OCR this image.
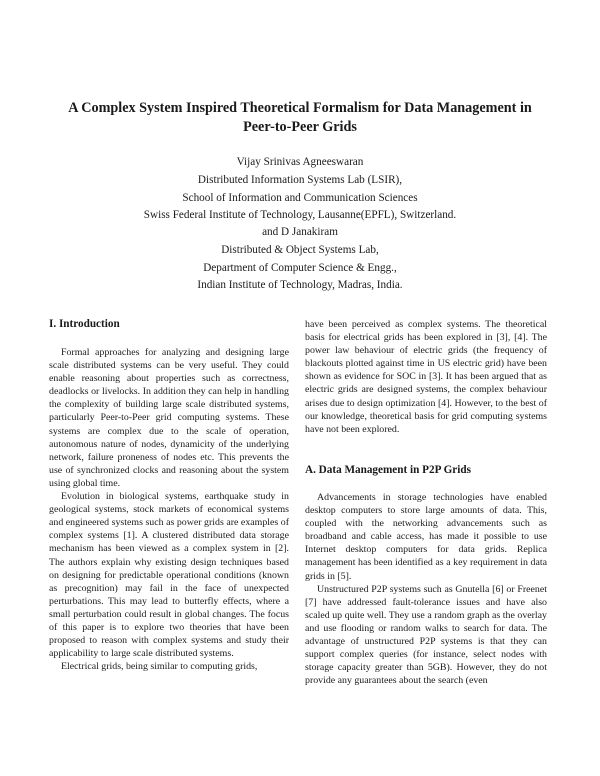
A Complex System Inspired Theoretical Formalism for Data Management in
Peer-to-Peer Grids
Vijay Srinivas Agneeswaran
Distributed Information Systems Lab (LSIR),
School of Information and Communication Sciences
Swiss Federal Institute of Technology, Lausanne(EPFL), Switzerland.
and D Janakiram
Distributed & Object Systems Lab,
Department of Computer Science & Engg.,
Indian Institute of Technology, Madras, India.
I. Introduction

Formal approaches for analyzing and designing large scale distributed systems can be very useful. They could enable reasoning about properties such as correctness, deadlocks or livelocks. In addition they can help in handling the complexity of building large scale distributed systems, particularly Peer-to-Peer grid computing systems. These systems are complex due to the scale of operation, autonomous nature of nodes, dynamicity of the underlying network, failure proneness of nodes etc. This prevents the use of synchronized clocks and reasoning about the system using global time.

Evolution in biological systems, earthquake study in geological systems, stock markets of economical systems and engineered systems such as power grids are examples of complex systems [1]. A clustered distributed data storage mechanism has been viewed as a complex system in [2]. The authors explain why existing design techniques based on designing for predictable operational conditions (known as precognition) may fail in the face of unexpected perturbations. This may lead to butterfly effects, where a small perturbation could result in global changes. The focus of this paper is to explore two theories that have been proposed to reason with complex systems and study their applicability to large scale distributed systems.

Electrical grids, being similar to computing grids,

have been perceived as complex systems. The theoretical basis for electrical grids has been explored in [3], [4]. The power law behaviour of electric grids (the frequency of blackouts plotted against time in US electric grid) have been shown as evidence for SOC in [3]. It has been argued that as electric grids are designed systems, the complex behaviour arises due to design optimization [4]. However, to the best of our knowledge, theoretical basis for grid computing systems have not been explored.

A. Data Management in P2P Grids

Advancements in storage technologies have enabled desktop computers to store large amounts of data. This, coupled with the networking advancements such as broadband and cable access, has made it possible to use Internet desktop computers for data grids. Replica management has been identified as a key requirement in data grids in [5].

Unstructured P2P systems such as Gnutella [6] or Freenet [7] have addressed fault-tolerance issues and have also scaled up quite well. They use a random graph as the overlay and use flooding or random walks to search for data. The advantage of unstructured P2P systems is that they can support complex queries (for instance, select nodes with storage capacity greater than 5GB). However, they do not provide any guarantees about the search (even
